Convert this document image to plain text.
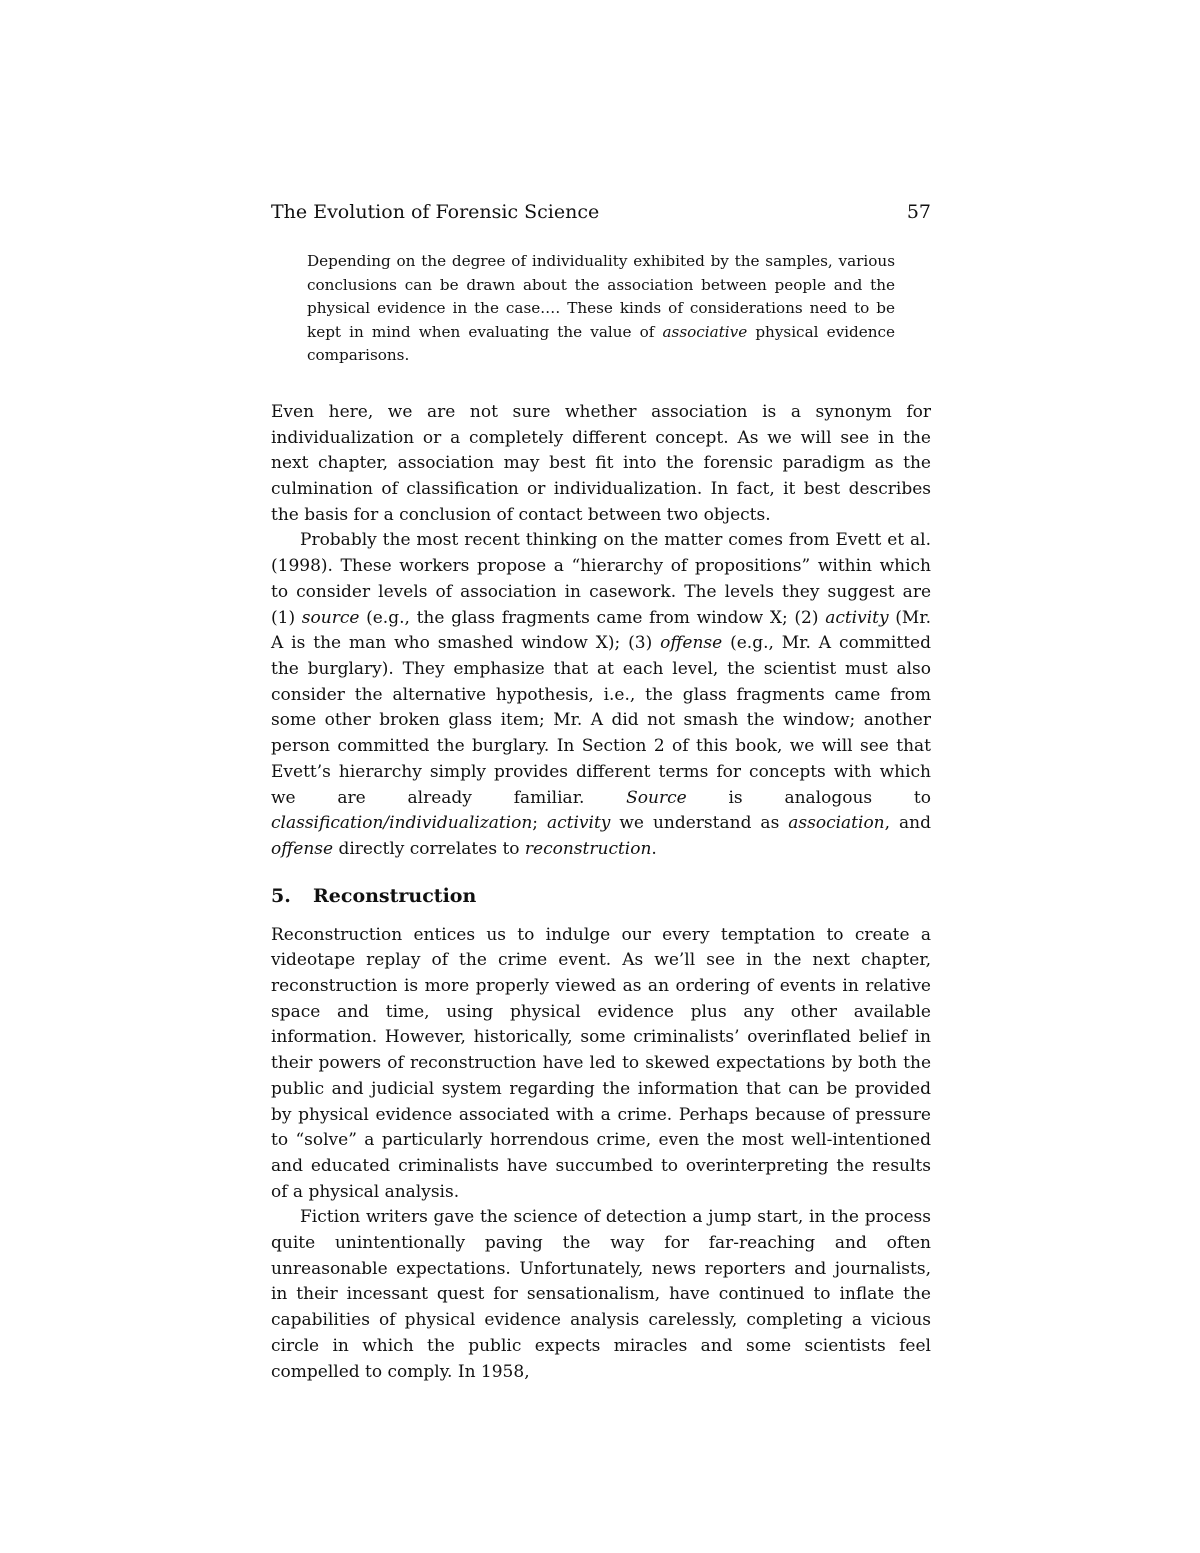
The Evolution of Forensic Science	57

Depending on the degree of individuality exhibited by the samples, various conclusions can be drawn about the association between people and the physical evidence in the case.… These kinds of considerations need to be kept in mind when evaluating the value of associative physical evidence comparisons.

Even here, we are not sure whether association is a synonym for individualization or a completely different concept. As we will see in the next chapter, association may best fit into the forensic paradigm as the culmination of classification or individualization. In fact, it best describes the basis for a conclusion of contact between two objects.

Probably the most recent thinking on the matter comes from Evett et al. (1998). These workers propose a “hierarchy of propositions” within which to consider levels of association in casework. The levels they suggest are (1) source (e.g., the glass fragments came from window X; (2) activity (Mr. A is the man who smashed window X); (3) offense (e.g., Mr. A committed the burglary). They emphasize that at each level, the scientist must also consider the alternative hypothesis, i.e., the glass fragments came from some other broken glass item; Mr. A did not smash the window; another person committed the burglary. In Section 2 of this book, we will see that Evett’s hierarchy simply provides different terms for concepts with which we are already familiar. Source is analogous to classification/individualization; activity we understand as association, and offense directly correlates to reconstruction.

5.	Reconstruction

Reconstruction entices us to indulge our every temptation to create a videotape replay of the crime event. As we’ll see in the next chapter, reconstruction is more properly viewed as an ordering of events in relative space and time, using physical evidence plus any other available information. However, historically, some criminalists’ overinflated belief in their powers of reconstruction have led to skewed expectations by both the public and judicial system regarding the information that can be provided by physical evidence associated with a crime. Perhaps because of pressure to “solve” a particularly horrendous crime, even the most well-intentioned and educated criminalists have succumbed to overinterpreting the results of a physical analysis.

Fiction writers gave the science of detection a jump start, in the process quite unintentionally paving the way for far-reaching and often unreasonable expectations. Unfortunately, news reporters and journalists, in their incessant quest for sensationalism, have continued to inflate the capabilities of physical evidence analysis carelessly, completing a vicious circle in which the public expects miracles and some scientists feel compelled to comply. In 1958,
